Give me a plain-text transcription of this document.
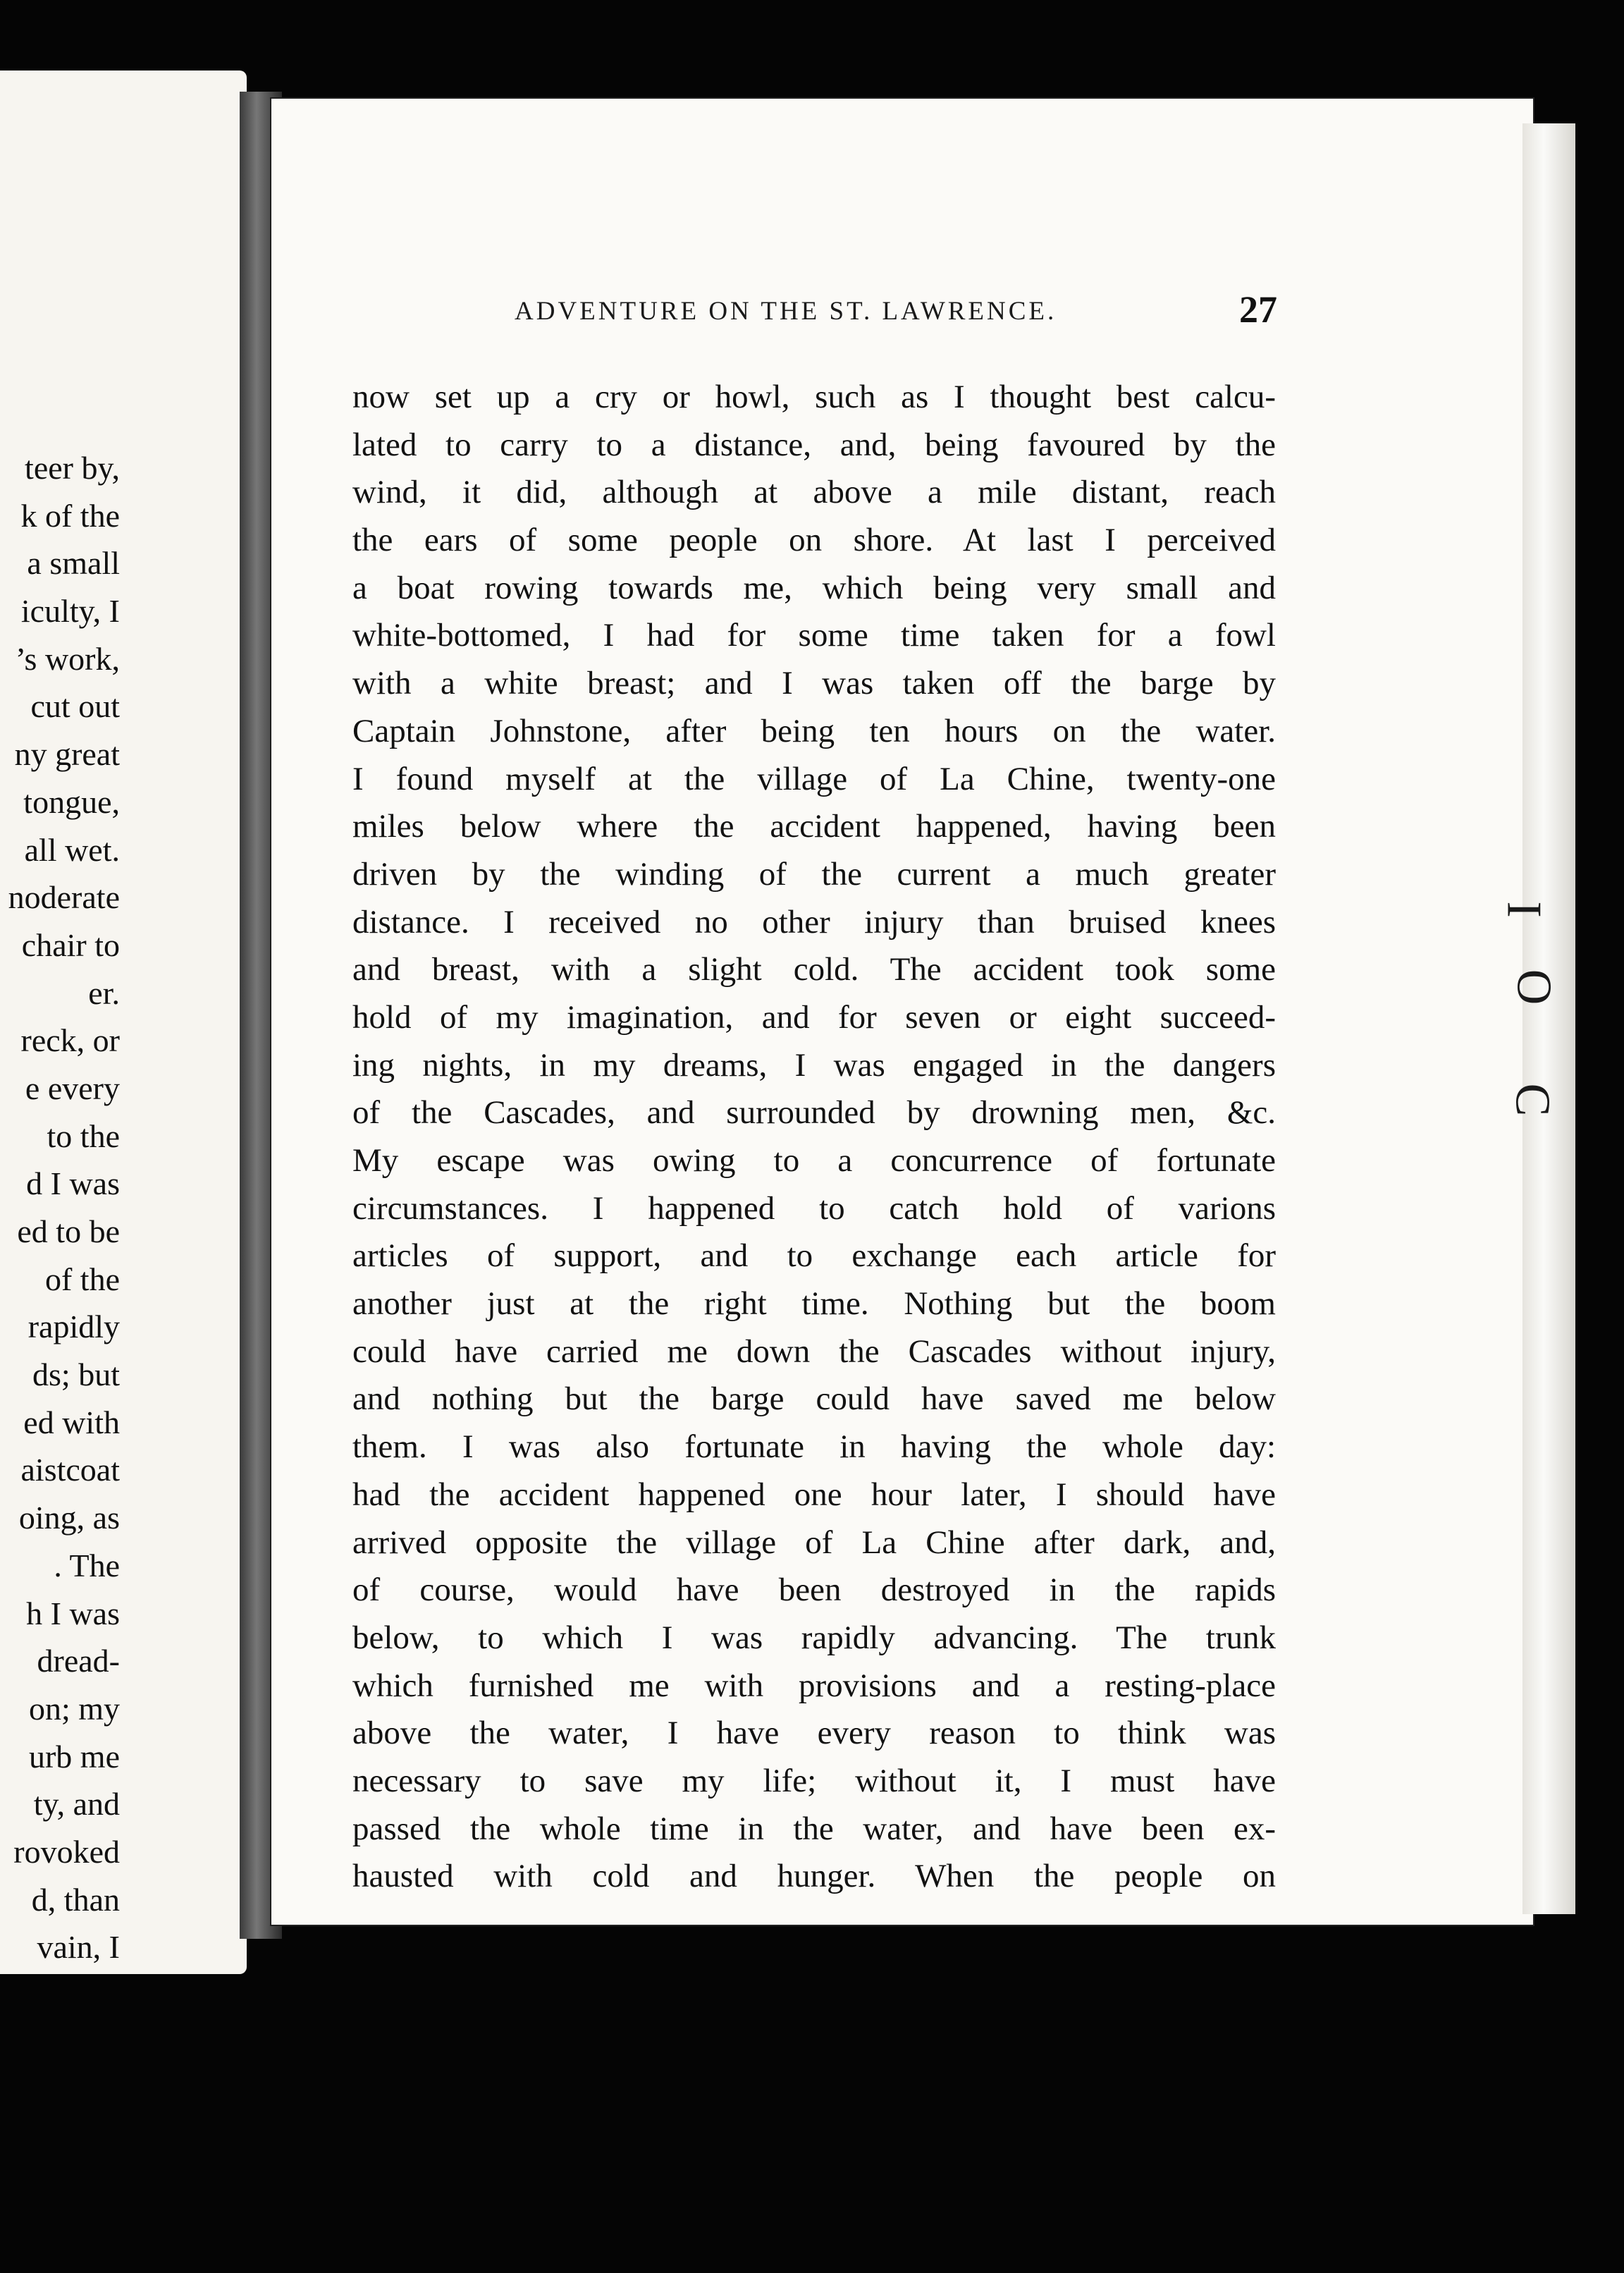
teer by,
k of the
a small
iculty, I
’s work,
cut out
ny great
tongue,
all wet.
noderate
chair to
er.
reck, or
e every
to the
d I was
ed to be
of the
rapidly
ds; but
ed with
aistcoat
oing, as
. The
h I was
dread-
on; my
urb me
ty, and
rovoked
d, than
vain, I
I
O
C
ADVENTURE ON THE ST. LAWRENCE.	27
now set up a cry or howl, such as I thought best calcu-
lated to carry to a distance, and, being favoured by the
wind, it did, although at above a mile distant, reach
the ears of some people on shore. At last I perceived
a boat rowing towards me, which being very small and
white-bottomed, I had for some time taken for a fowl
with a white breast; and I was taken off the barge by
Captain Johnstone, after being ten hours on the water.
I found myself at the village of La Chine, twenty-one
miles below where the accident happened, having been
driven by the winding of the current a much greater
distance. I received no other injury than bruised knees
and breast, with a slight cold. The accident took some
hold of my imagination, and for seven or eight succeed-
ing nights, in my dreams, I was engaged in the dangers
of the Cascades, and surrounded by drowning men, &c.
My escape was owing to a concurrence of fortunate
circumstances. I happened to catch hold of varions
articles of support, and to exchange each article for
another just at the right time. Nothing but the boom
could have carried me down the Cascades without injury,
and nothing but the barge could have saved me below
them. I was also fortunate in having the whole day:
had the accident happened one hour later, I should have
arrived opposite the village of La Chine after dark, and,
of course, would have been destroyed in the rapids
below, to which I was rapidly advancing. The trunk
which furnished me with provisions and a resting-place
above the water, I have every reason to think was
necessary to save my life; without it, I must have
passed the whole time in the water, and have been ex-
hausted with cold and hunger. When the people on
